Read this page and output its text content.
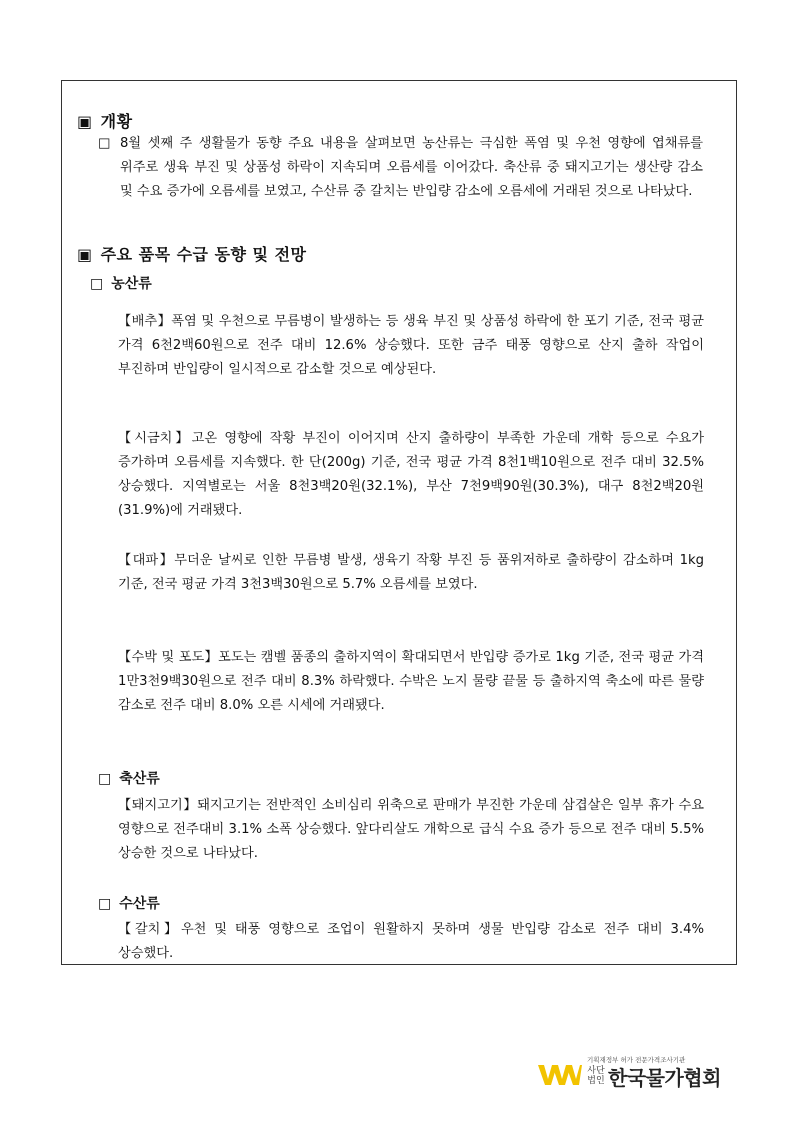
▣ 개황
□ 8월 셋째 주 생활물가 동향 주요 내용을 살펴보면 농산류는 극심한 폭염 및 우천 영향에 엽채류를 위주로 생육 부진 및 상품성 하락이 지속되며 오름세를 이어갔다. 축산류 중 돼지고기는 생산량 감소 및 수요 증가에 오름세를 보였고, 수산류 중 갈치는 반입량 감소에 오름세에 거래된 것으로 나타났다.
▣ 주요 품목 수급 동향 및 전망
□ 농산류
【배추】폭염 및 우천으로 무름병이 발생하는 등 생육 부진 및 상품성 하락에 한 포기 기준, 전국 평균 가격 6천2백60원으로 전주 대비 12.6% 상승했다. 또한 금주 태풍 영향으로 산지 출하 작업이 부진하며 반입량이 일시적으로 감소할 것으로 예상된다.
【시금치】고온 영향에 작황 부진이 이어지며 산지 출하량이 부족한 가운데 개학 등으로 수요가 증가하며 오름세를 지속했다. 한 단(200g) 기준, 전국 평균 가격 8천1백10원으로 전주 대비 32.5% 상승했다. 지역별로는 서울 8천3백20원(32.1%), 부산 7천9백90원(30.3%), 대구 8천2백20원(31.9%)에 거래됐다.
【대파】무더운 날씨로 인한 무름병 발생, 생육기 작황 부진 등 품위저하로 출하량이 감소하며 1kg 기준, 전국 평균 가격 3천3백30원으로 5.7% 오름세를 보였다.
【수박 및 포도】포도는 캠벨 품종의 출하지역이 확대되면서 반입량 증가로 1kg 기준, 전국 평균 가격 1만3천9백30원으로 전주 대비 8.3% 하락했다. 수박은 노지 물량 끝물 등 출하지역 축소에 따른 물량 감소로 전주 대비 8.0% 오른 시세에 거래됐다.
□ 축산류
【돼지고기】돼지고기는 전반적인 소비심리 위축으로 판매가 부진한 가운데 삼겹살은 일부 휴가 수요 영향으로 전주대비 3.1% 소폭 상승했다. 앞다리살도 개학으로 급식 수요 증가 등으로 전주 대비 5.5% 상승한 것으로 나타났다.
□ 수산류
【갈치】우천 및 태풍 영향으로 조업이 원활하지 못하며 생물 반입량 감소로 전주 대비 3.4% 상승했다.
기획재정부 허가 전문가격조사기관
사단
법인 한국물가협회
